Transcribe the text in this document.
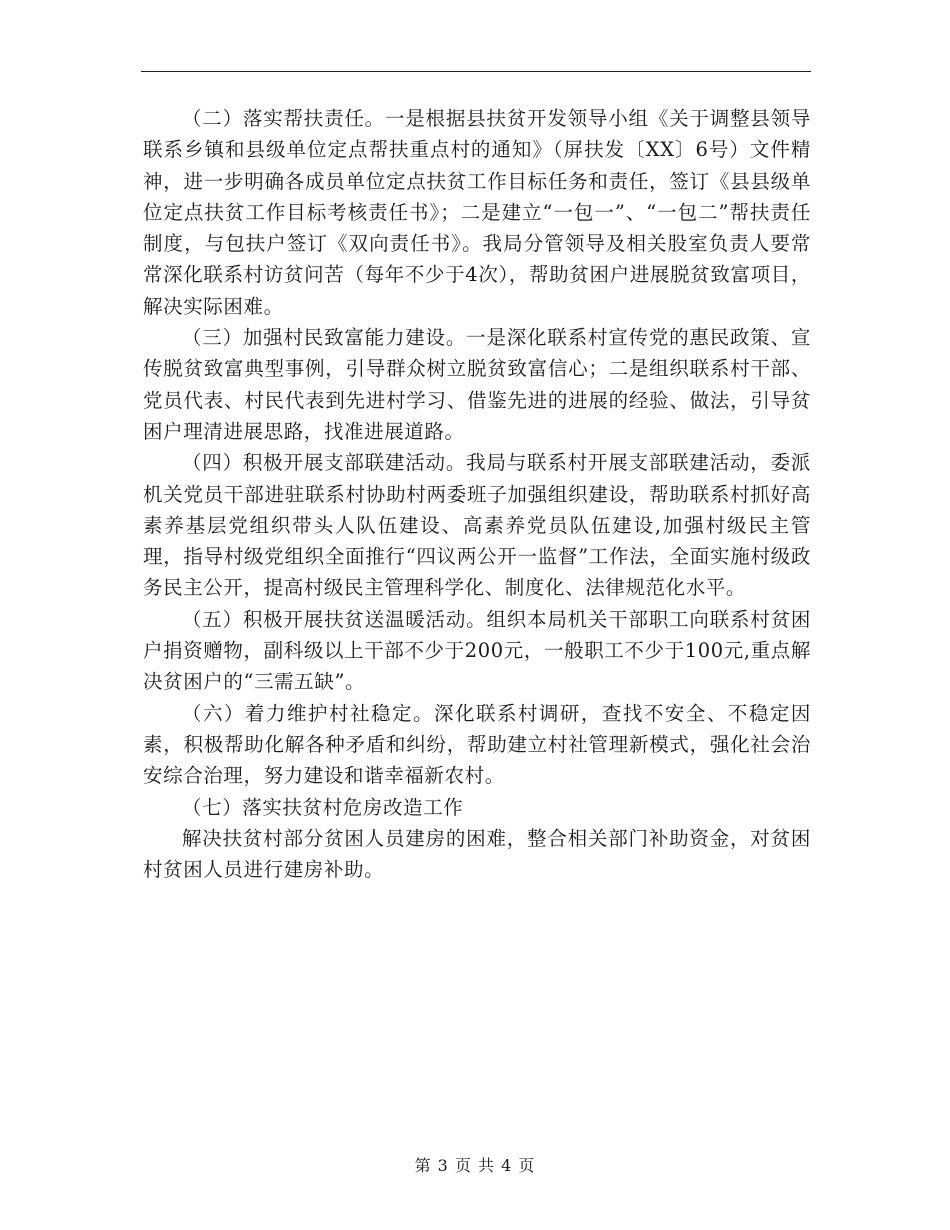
（二）落实帮扶责任。一是根据县扶贫开发领导小组《关于调整县领导联系乡镇和县级单位定点帮扶重点村的通知》（屏扶发〔XX〕6号）文件精神，进一步明确各成员单位定点扶贫工作目标任务和责任，签订《县县级单位定点扶贫工作目标考核责任书》；二是建立“一包一”、“一包二”帮扶责任制度，与包扶户签订《双向责任书》。我局分管领导及相关股室负责人要常常深化联系村访贫问苦（每年不少于4次），帮助贫困户进展脱贫致富项目，解决实际困难。

（三）加强村民致富能力建设。一是深化联系村宣传党的惠民政策、宣传脱贫致富典型事例，引导群众树立脱贫致富信心；二是组织联系村干部、党员代表、村民代表到先进村学习、借鉴先进的进展的经验、做法，引导贫困户理清进展思路，找准进展道路。

（四）积极开展支部联建活动。我局与联系村开展支部联建活动，委派机关党员干部进驻联系村协助村两委班子加强组织建设，帮助联系村抓好高素养基层党组织带头人队伍建设、高素养党员队伍建设,加强村级民主管理，指导村级党组织全面推行“四议两公开一监督”工作法，全面实施村级政务民主公开，提高村级民主管理科学化、制度化、法律规范化水平。

（五）积极开展扶贫送温暖活动。组织本局机关干部职工向联系村贫困户捐资赠物，副科级以上干部不少于200元，一般职工不少于100元,重点解决贫困户的“三需五缺”。

（六）着力维护村社稳定。深化联系村调研，查找不安全、不稳定因素，积极帮助化解各种矛盾和纠纷，帮助建立村社管理新模式，强化社会治安综合治理，努力建设和谐幸福新农村。

（七）落实扶贫村危房改造工作

解决扶贫村部分贫困人员建房的困难，整合相关部门补助资金，对贫困村贫困人员进行建房补助。

第 3 页 共 4 页
